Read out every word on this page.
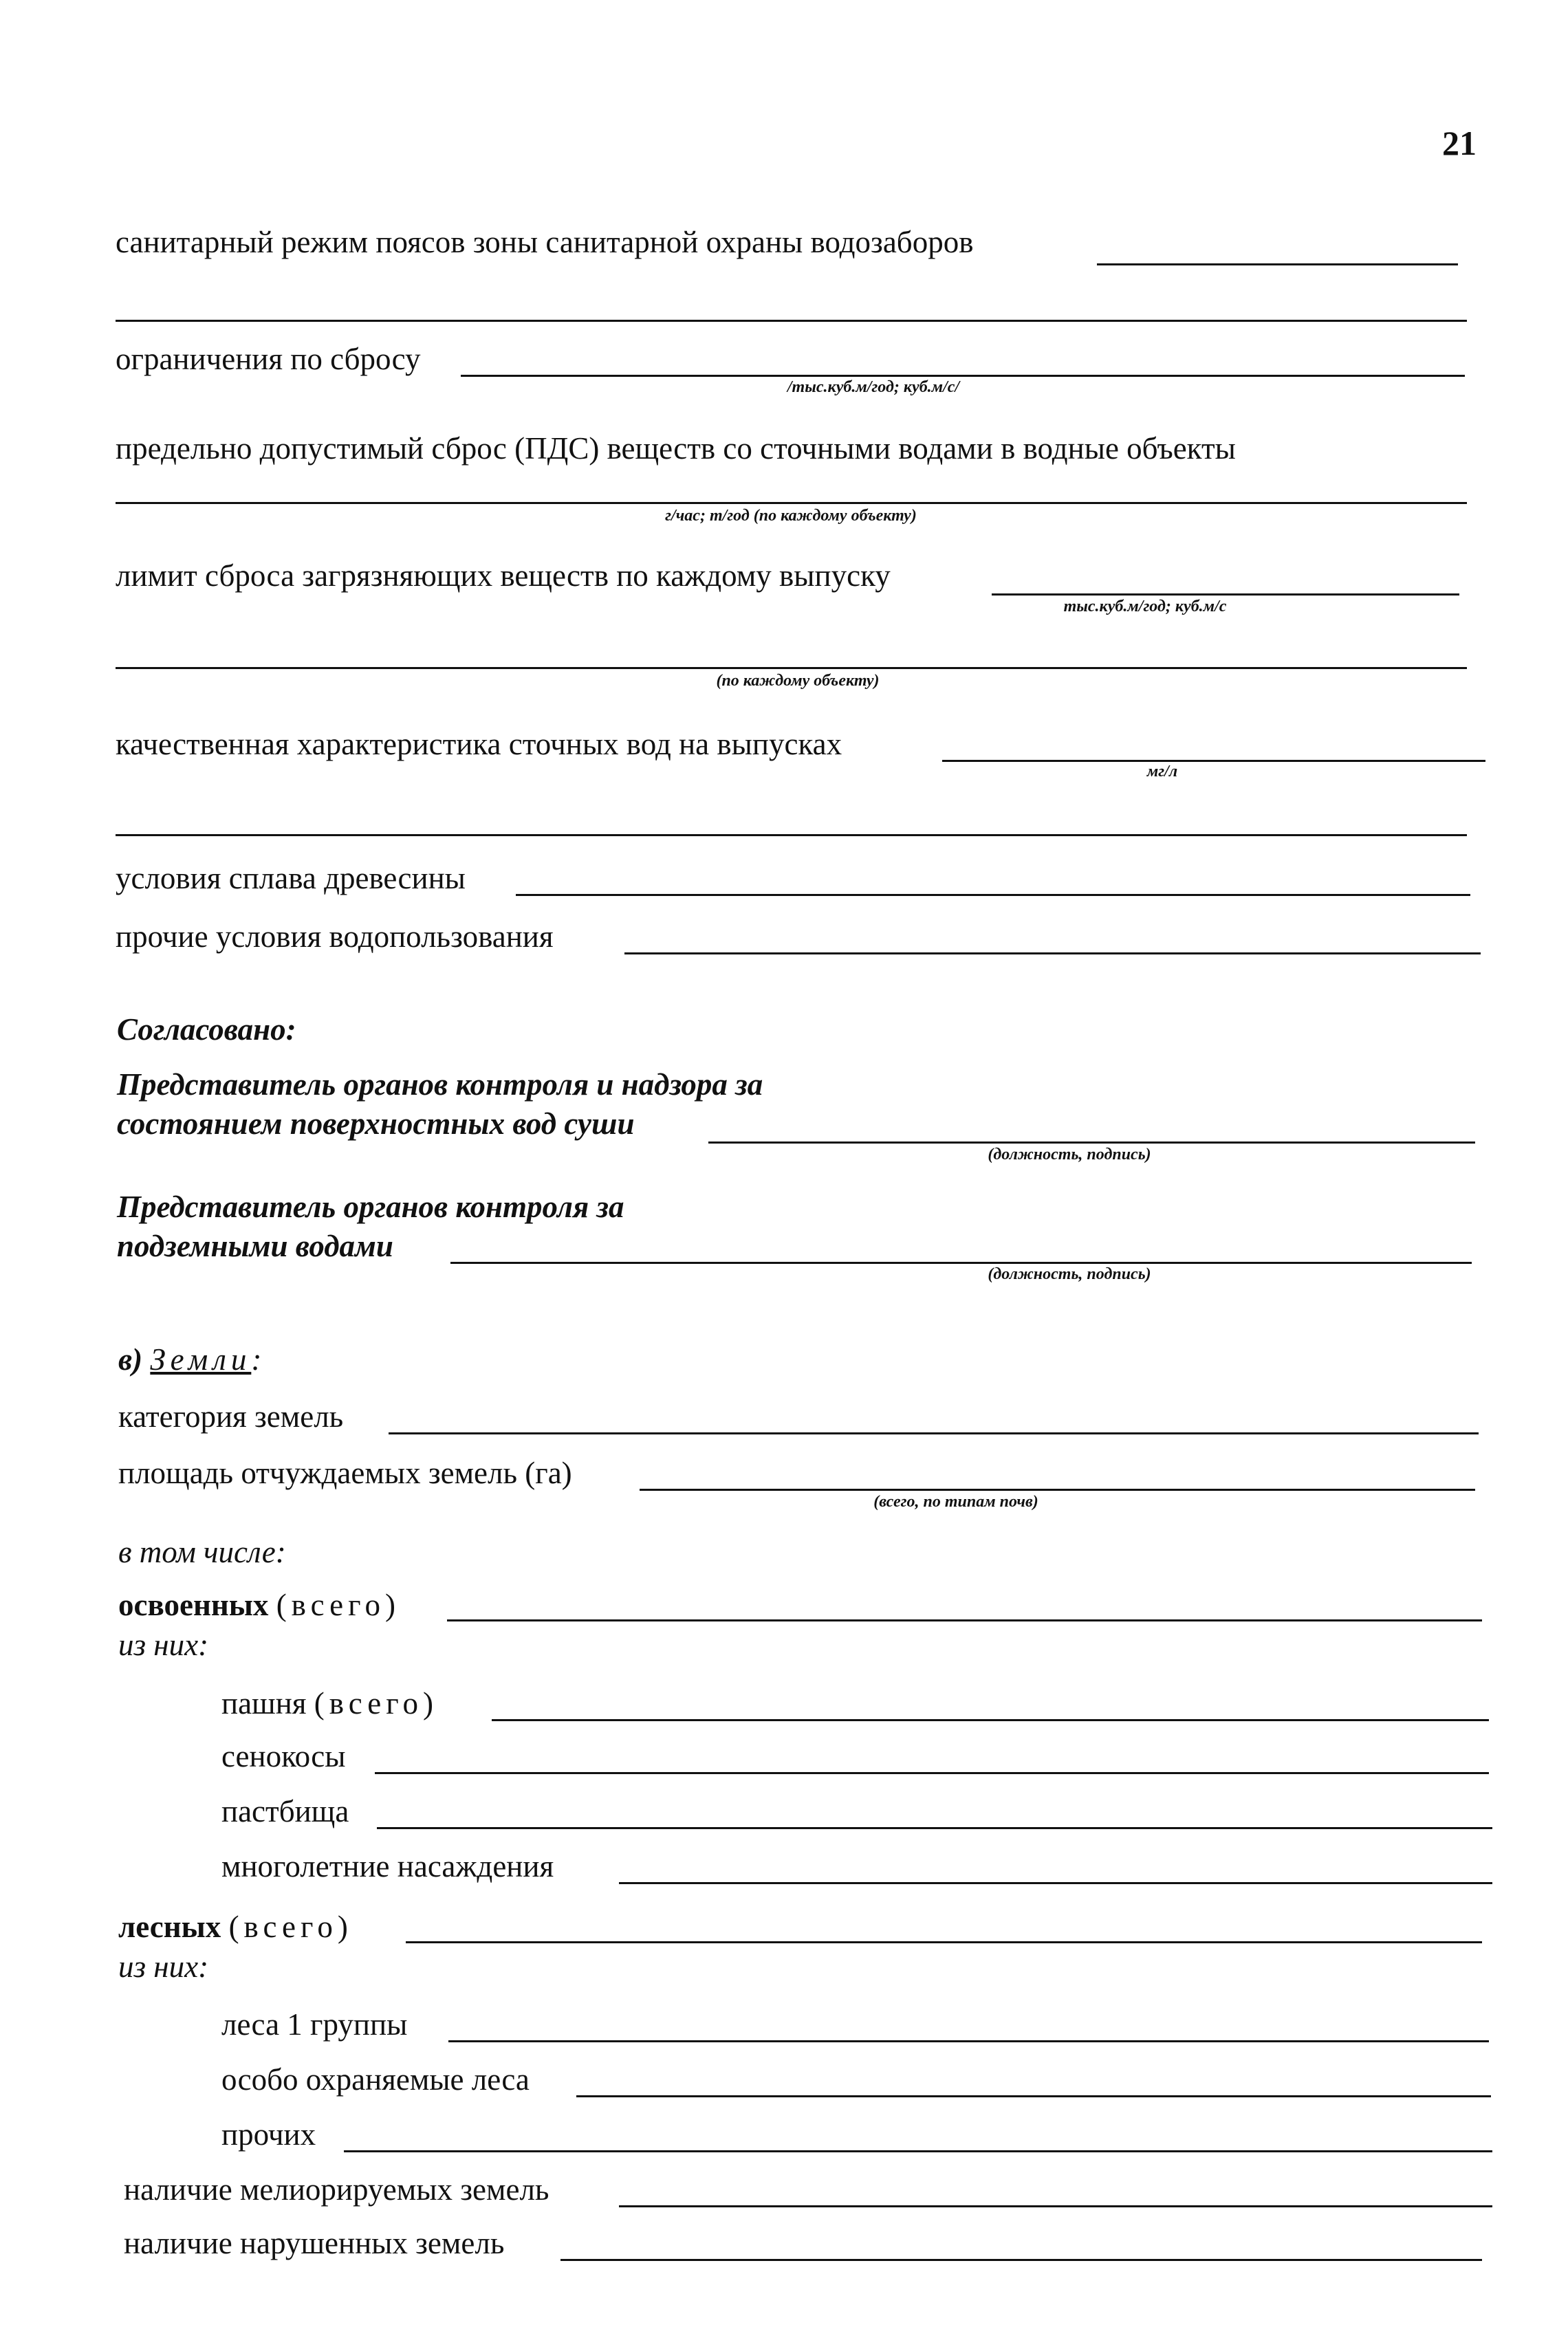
21
санитарный режим поясов зоны санитарной охраны водозаборов
ограничения по сбросу
/тыс.куб.м/год; куб.м/с/
предельно допустимый сброс (ПДС) веществ со сточными водами в водные объекты
г/час; т/год (по каждому объекту)
лимит сброса загрязняющих веществ по каждому выпуску
тыс.куб.м/год; куб.м/с
(по каждому объекту)
качественная характеристика сточных вод на выпусках
мг/л
условия сплава древесины
прочие условия водопользования
Согласовано:
Представитель органов контроля и надзора за
состоянием поверхностных вод суши
(должность, подпись)
Представитель органов контроля за
подземными водами
(должность, подпись)
в) Земли:
категория земель
площадь отчуждаемых земель (га)
(всего, по типам почв)
в том числе:
освоенных (всего)
из них:
пашня (всего)
сенокосы
пастбища
многолетние насаждения
лесных (всего)
из них:
леса 1 группы
особо охраняемые леса
прочих
наличие мелиорируемых земель
наличие нарушенных земель
